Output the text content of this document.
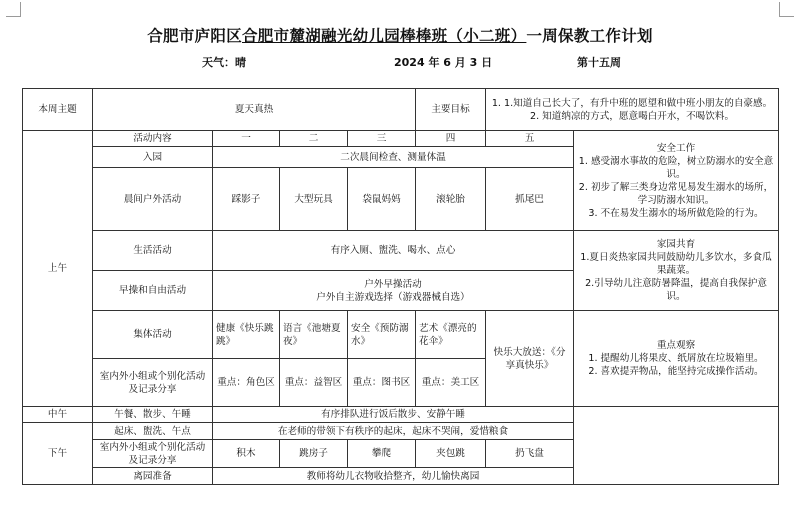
合肥市庐阳区合肥市麓湖融光幼儿园棒棒班（小二班）一周保教工作计划
天气：晴	2024 年 6 月 3 日	第十五周
本周主题	夏天真热				主要目标	1. 1.知道自己长大了，有升中班的愿望和做中班小朋友的自豪感。
2. 知道纳凉的方式，愿意喝白开水，不喝饮料。	

上午	活动内容	一	二	三	四	五	安全工作
1. 感受溺水事故的危险，树立防溺水的安全意识。
2. 初步了解三类身边常见易发生溺水的场所，学习防溺水知识。
3. 不在易发生溺水的场所做危险的行为。

	入园	二次晨间检查、测量体温					
	晨间户外活动	踩影子	大型玩具	袋鼠妈妈	滚轮胎	抓尾巴	
	生活活动	有序入厕、盥洗、喝水、点心					家园共育
1.夏日炎热家园共同鼓励幼儿多饮水，多食瓜果蔬菜。
2.引导幼儿注意防暑降温，提高自我保护意识。

	早操和自由活动	户外早操活动
户外自主游戏选择（游戏器械自选）					

	集体活动	健康《快乐跳跳》	语言《池塘夏夜》	安全《预防溺水》	艺术《漂亮的花伞》	快乐大放送：《分享真快乐》	重点观察
1. 提醒幼儿将果皮、纸屑放在垃圾箱里。
2. 喜欢提弄物品，能坚持完成操作活动。

	室内外小组或个别化活动及记录分享	重点：角色区	重点：益智区	重点：图书区	重点：美工区		
中午	午餐、散步、午睡	有序排队进行饭后散步、安静午睡					
下午	起床、盥洗、午点	在老师的带领下有秩序的起床，起床不哭闹，爱惜粮食					
	室内外小组或个别化活动及记录分享	积木	跳房子	攀爬	夹包跳	扔飞盘	
	离园准备	教师将幼儿衣物收拾整齐，幼儿愉快离园					
